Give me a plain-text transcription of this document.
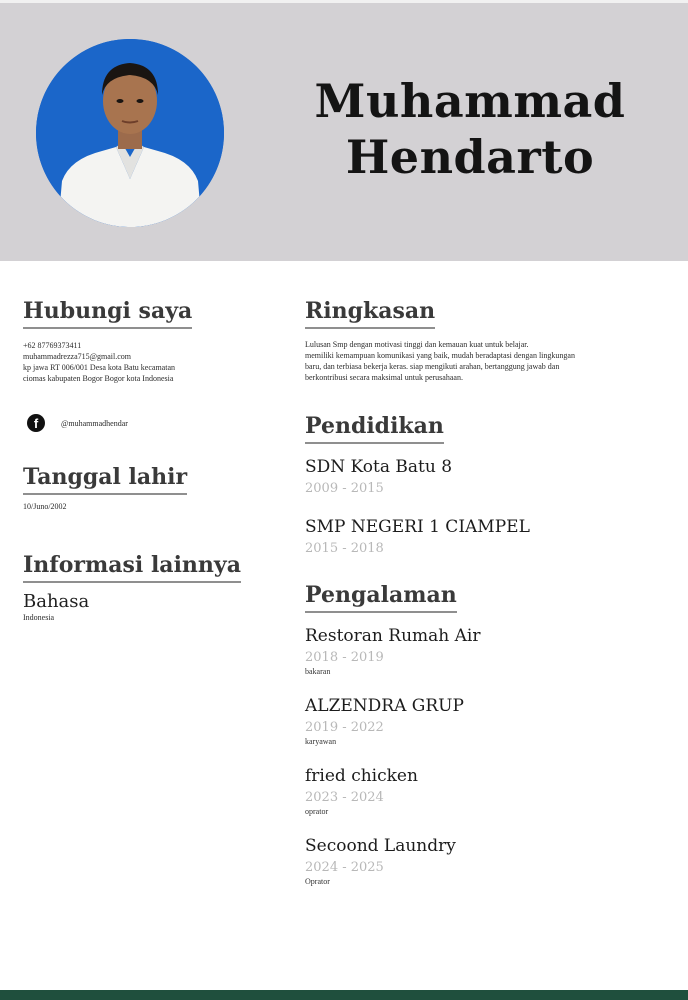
Muhammad
Hendarto
Hubungi saya
+62 87769373411
muhammadrezza715@gmail.com
kp jawa RT 006/001 Desa kota Batu kecamatan
ciomas kabupaten Bogor Bogor kota Indonesia
f	@muhammadhendar
Tanggal lahir
10/Juno/2002
Informasi lainnya
Bahasa
Indonesia
Ringkasan
Lulusan Smp dengan motivasi tinggi dan kemauan kuat untuk belajar.
memiliki kemampuan komunikasi yang baik, mudah beradaptasi dengan lingkungan
baru, dan terbiasa bekerja keras. siap mengikuti arahan, bertanggung jawab dan
berkontribusi secara maksimal untuk perusahaan.
Pendidikan
SDN Kota Batu 8
2009 - 2015
SMP NEGERI 1 CIAMPEL
2015 - 2018
Pengalaman
Restoran Rumah Air
2018 - 2019
bakaran
ALZENDRA GRUP
2019 - 2022
karyawan
fried chicken
2023 - 2024
oprator
Secoond Laundry
2024 - 2025
Oprator
